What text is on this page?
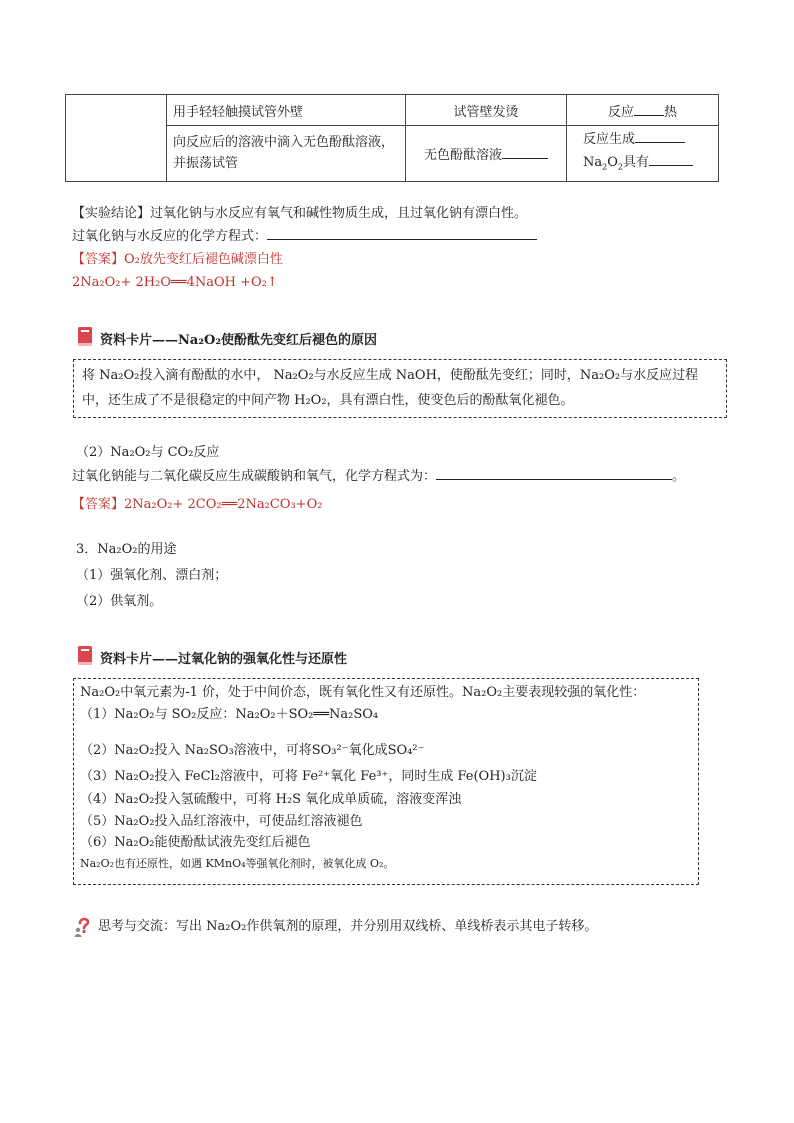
	用手轻轻触摸试管外壁	试管壁发烫	反应 热
	向反应后的溶液中滴入无色酚酞溶液，并振荡试管	无色酚酞溶液	反应生成
$Na_2O_2$具有
【实验结论】过氧化钠与水反应有氧气和碱性物质生成，且过氧化钠有漂白性。
过氧化钠与水反应的化学方程式：
【答案】O₂放先变红后褪色碱漂白性
2Na₂O₂+ 2H₂O══4NaOH +O₂↑
资料卡片——Na₂O₂使酚酞先变红后褪色的原因
将 Na₂O₂投入滴有酚酞的水中， Na₂O₂与水反应生成 NaOH，使酚酞先变红；同时，Na₂O₂与水反应过程
中，还生成了不是很稳定的中间产物 H₂O₂，具有漂白性，使变色后的酚酞氧化褪色。
（2）Na₂O₂与 CO₂反应
过氧化钠能与二氧化碳反应生成碳酸钠和氧气，化学方程式为：	。
【答案】2Na₂O₂+ 2CO₂══2Na₂CO₃+O₂
3．Na₂O₂的用途
（1）强氧化剂、漂白剂；
（2）供氧剂。
资料卡片——过氧化钠的强氧化性与还原性
Na₂O₂中氧元素为-1 价，处于中间价态，既有氧化性又有还原性。Na₂O₂主要表现较强的氧化性：
（1）Na₂O₂与 SO₂反应：Na₂O₂＋SO₂══Na₂SO₄
（2）Na₂O₂投入 Na₂SO₃溶液中，可将SO₃²⁻氧化成SO₄²⁻
（3）Na₂O₂投入 FeCl₂溶液中，可将 Fe²⁺氧化 Fe³⁺，同时生成 Fe(OH)₃沉淀
（4）Na₂O₂投入氢硫酸中，可将 H₂S 氧化成单质硫，溶液变浑浊
（5）Na₂O₂投入品红溶液中，可使品红溶液褪色
（6）Na₂O₂能使酚酞试液先变红后褪色
Na₂O₂也有还原性，如遇 KMnO₄等强氧化剂时，被氧化成 O₂。
思考与交流：写出 Na₂O₂作供氧剂的原理，并分别用双线桥、单线桥表示其电子转移。
